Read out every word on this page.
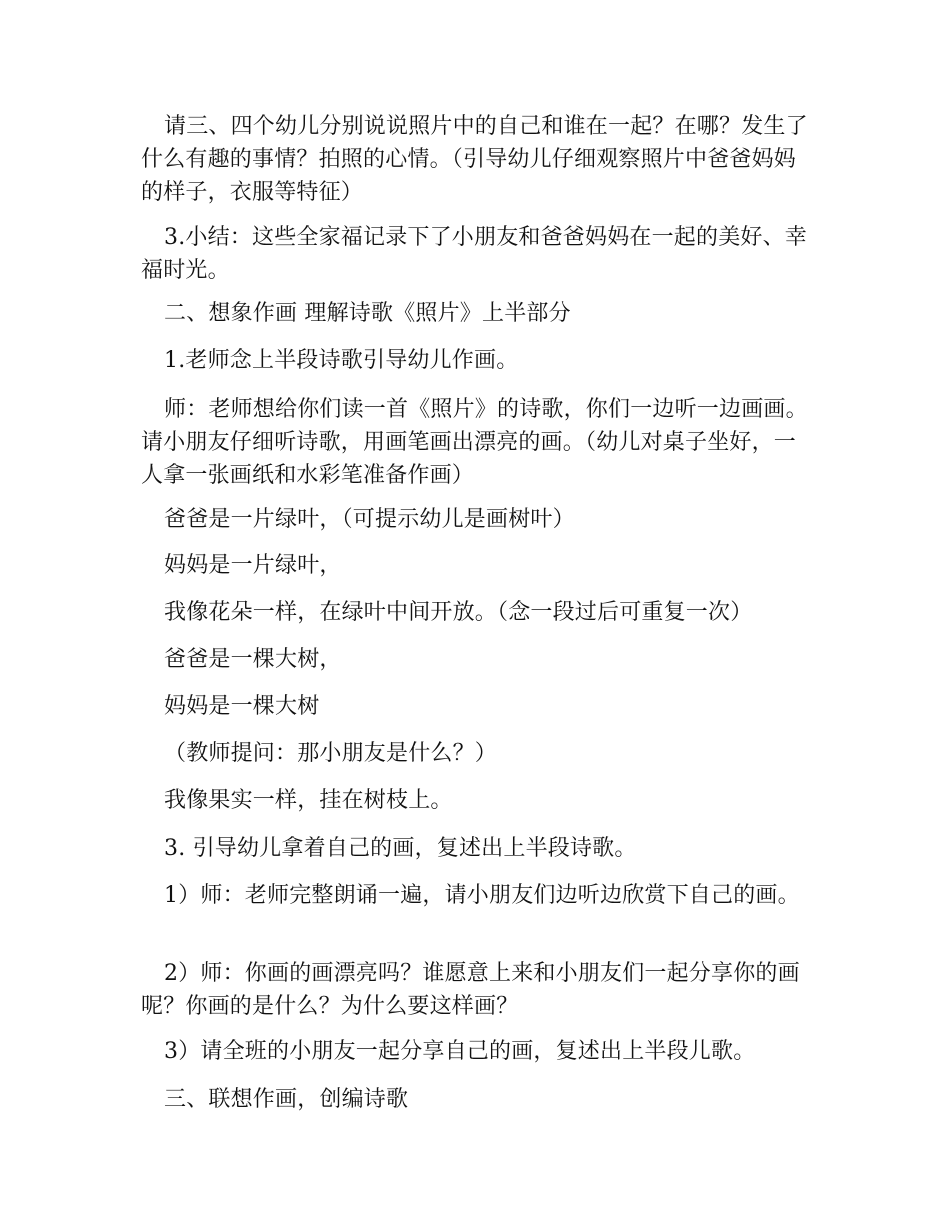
请三、四个幼儿分别说说照片中的自己和谁在一起？在哪？发生了什么有趣的事情？拍照的心情。（引导幼儿仔细观察照片中爸爸妈妈的样子，衣服等特征）

3.小结：这些全家福记录下了小朋友和爸爸妈妈在一起的美好、幸福时光。

二、想象作画 理解诗歌《照片》上半部分

1.老师念上半段诗歌引导幼儿作画。

师：老师想给你们读一首《照片》的诗歌，你们一边听一边画画。请小朋友仔细听诗歌，用画笔画出漂亮的画。（幼儿对桌子坐好，一人拿一张画纸和水彩笔准备作画）

爸爸是一片绿叶，（可提示幼儿是画树叶）

妈妈是一片绿叶，

我像花朵一样，在绿叶中间开放。（念一段过后可重复一次）

爸爸是一棵大树，

妈妈是一棵大树

（教师提问：那小朋友是什么？）

我像果实一样，挂在树枝上。

3. 引导幼儿拿着自己的画，复述出上半段诗歌。

1）师：老师完整朗诵一遍，请小朋友们边听边欣赏下自己的画。

2）师：你画的画漂亮吗？谁愿意上来和小朋友们一起分享你的画呢？你画的是什么？为什么要这样画？

3）请全班的小朋友一起分享自己的画，复述出上半段儿歌。

三、联想作画，创编诗歌
